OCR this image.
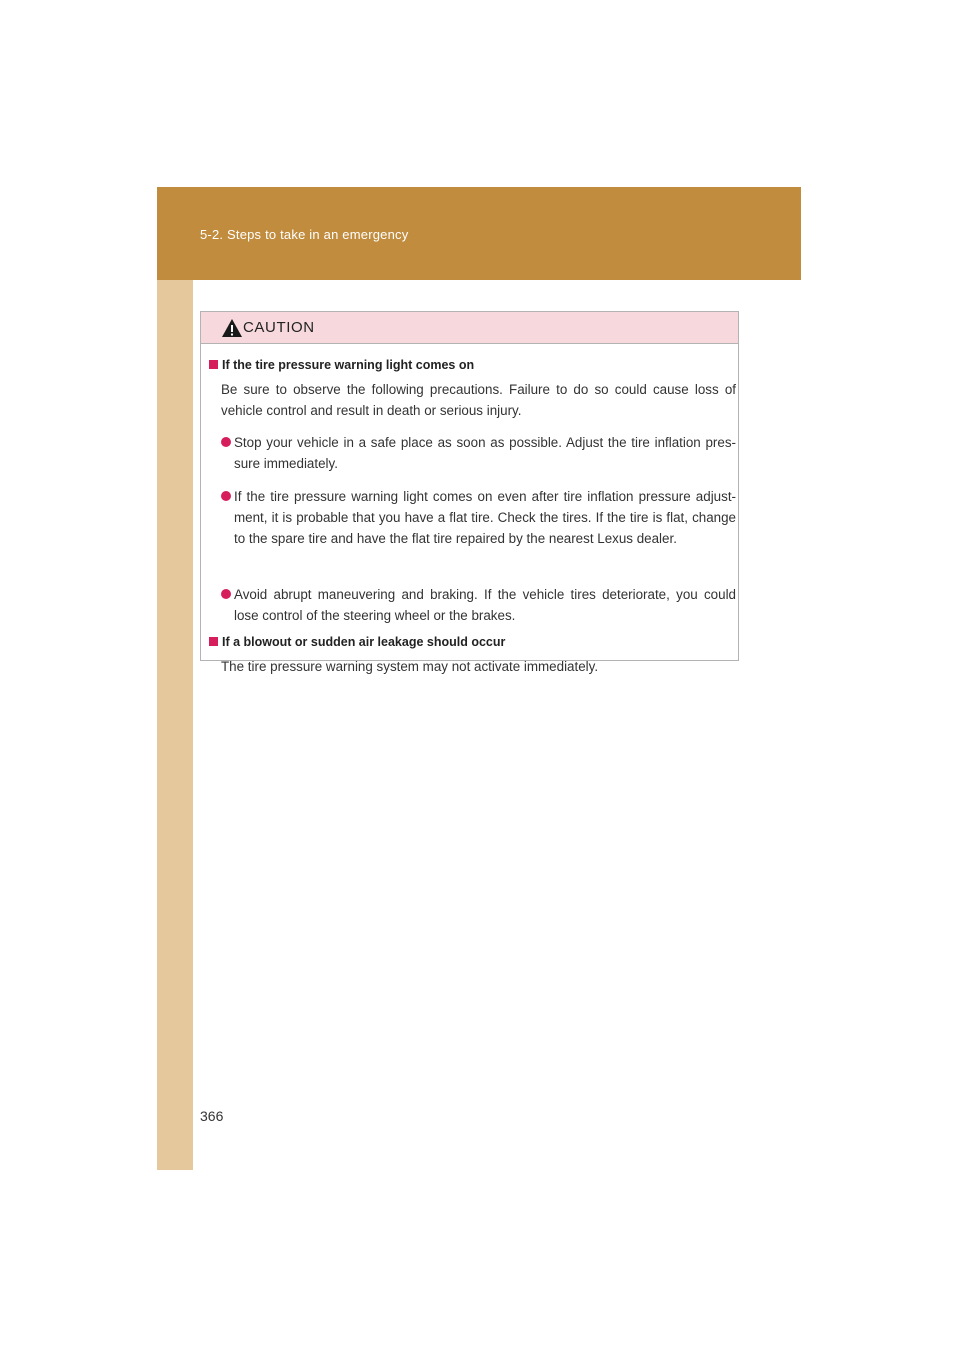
5-2. Steps to take in an emergency
CAUTION
If the tire pressure warning light comes on
Be sure to observe the following precautions. Failure to do so could cause loss of vehicle control and result in death or serious injury.
Stop your vehicle in a safe place as soon as possible. Adjust the tire inflation pres-sure immediately.
If the tire pressure warning light comes on even after tire inflation pressure adjust-ment, it is probable that you have a flat tire. Check the tires. If the tire is flat, change to the spare tire and have the flat tire repaired by the nearest Lexus dealer.
Avoid abrupt maneuvering and braking. If the vehicle tires deteriorate, you could lose control of the steering wheel or the brakes.
If a blowout or sudden air leakage should occur
The tire pressure warning system may not activate immediately.
366
